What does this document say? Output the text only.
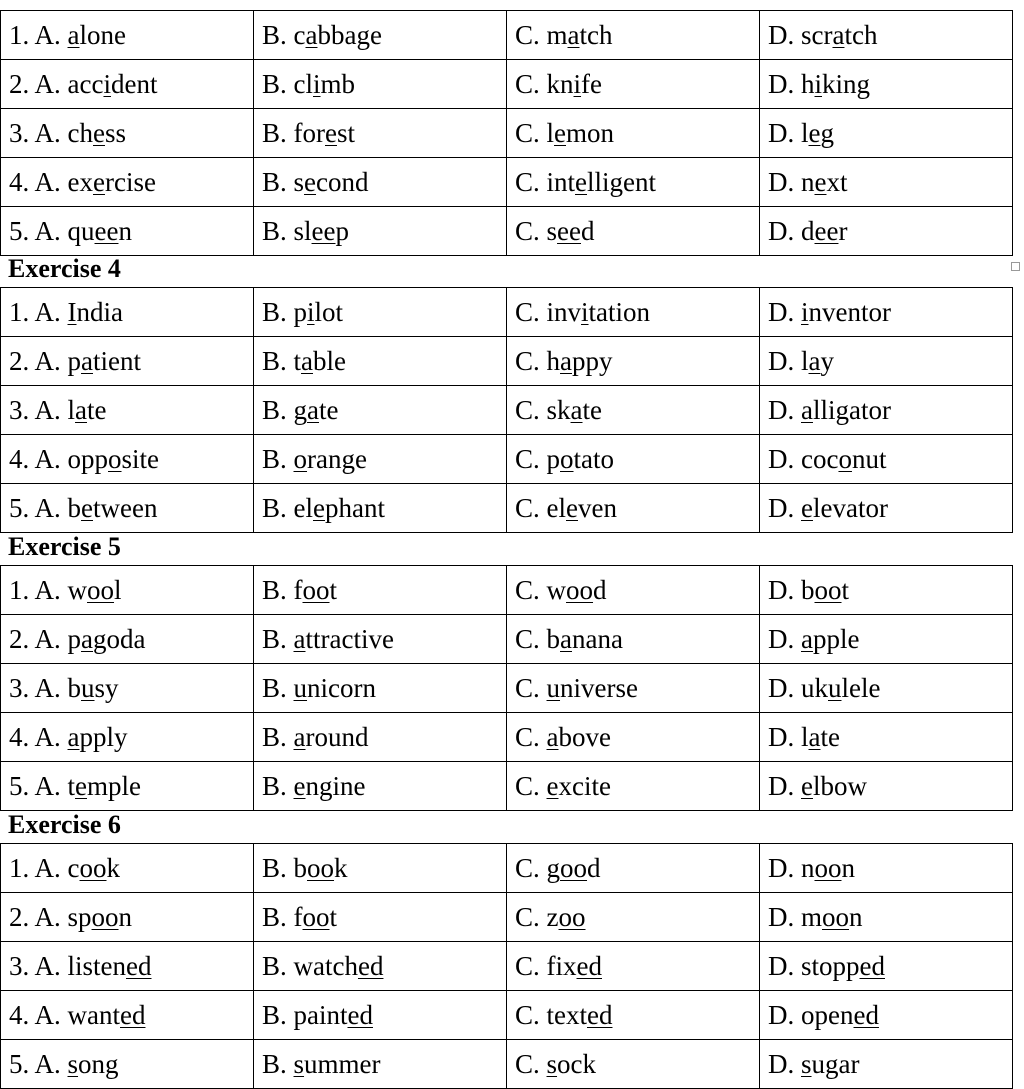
1. A. alone	B. cabbage	C. match	D. scratch
2. A. accident	B. climb	C. knife	D. hiking
3. A. chess	B. forest	C. lemon	D. leg
4. A. exercise	B. second	C. intelligent	D. next
5. A. queen	B. sleep	C. seed	D. deer
Exercise 4
1. A. India	B. pilot	C. invitation	D. inventor
2. A. patient	B. table	C. happy	D. lay
3. A. late	B. gate	C. skate	D. alligator
4. A. opposite	B. orange	C. potato	D. coconut
5. A. between	B. elephant	C. eleven	D. elevator
Exercise 5
1. A. wool	B. foot	C. wood	D. boot
2. A. pagoda	B. attractive	C. banana	D. apple
3. A. busy	B. unicorn	C. universe	D. ukulele
4. A. apply	B. around	C. above	D. late
5. A. temple	B. engine	C. excite	D. elbow
Exercise 6
1. A. cook	B. book	C. good	D. noon
2. A. spoon	B. foot	C. zoo	D. moon
3. A. listened	B. watched	C. fixed	D. stopped
4. A. wanted	B. painted	C. texted	D. opened
5. A. song	B. summer	C. sock	D. sugar
